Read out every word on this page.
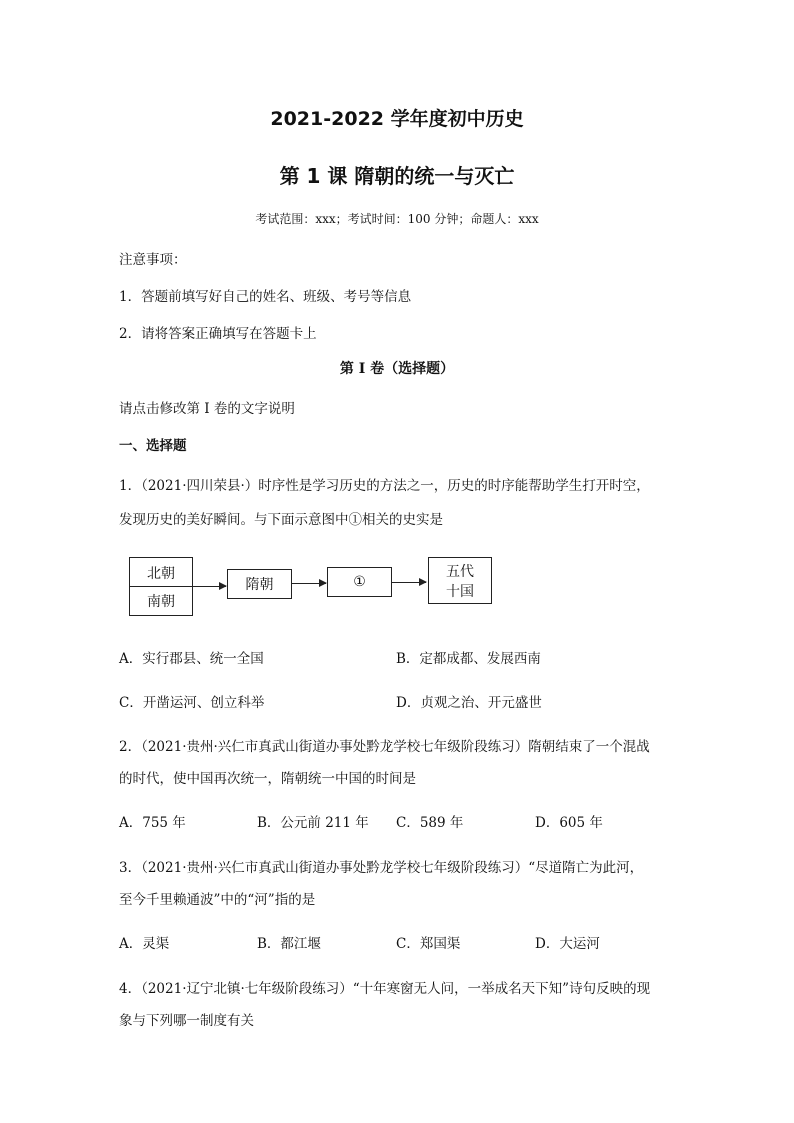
2021-2022 学年度初中历史
第 1 课 隋朝的统一与灭亡
考试范围：xxx；考试时间：100 分钟；命题人：xxx
注意事项：
1．答题前填写好自己的姓名、班级、考号等信息
2．请将答案正确填写在答题卡上
第 I 卷（选择题）
请点击修改第 I 卷的文字说明
一、选择题
1．（2021·四川荣县·）时序性是学习历史的方法之一，历史的时序能帮助学生打开时空，
发现历史的美好瞬间。与下面示意图中①相关的史实是
北朝
南朝
隋朝	①
五代
十国
A．实行郡县、统一全国	B．定都成都、发展西南
C．开凿运河、创立科举	D．贞观之治、开元盛世
2．（2021·贵州·兴仁市真武山街道办事处黔龙学校七年级阶段练习）隋朝结束了一个混战
的时代，使中国再次统一，隋朝统一中国的时间是
A．755 年	B．公元前 211 年 C．589 年	D．605 年
3．（2021·贵州·兴仁市真武山街道办事处黔龙学校七年级阶段练习）“尽道隋亡为此河，
至今千里赖通波”中的“河”指的是
A．灵渠	B．都江堰	C．郑国渠	D．大运河
4．（2021·辽宁北镇·七年级阶段练习）“十年寒窗无人问，一举成名天下知”诗句反映的现
象与下列哪一制度有关
